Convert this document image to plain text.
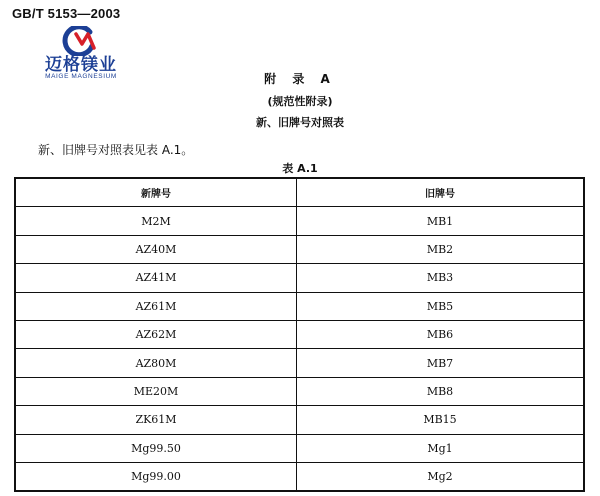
GB/T 5153—2003
迈格镁业
MAIGE MAGNESIUM	附 录 A
(规范性附录)
新、旧牌号对照表
新、旧牌号对照表见表 A.1。
表 A.1
新牌号	旧牌号
M2M	MB1
AZ40M	MB2
AZ41M	MB3
AZ61M	MB5
AZ62M	MB6
AZ80M	MB7
ME20M	MB8
ZK61M	MB15
Mg99.50	Mg1
Mg99.00	Mg2
